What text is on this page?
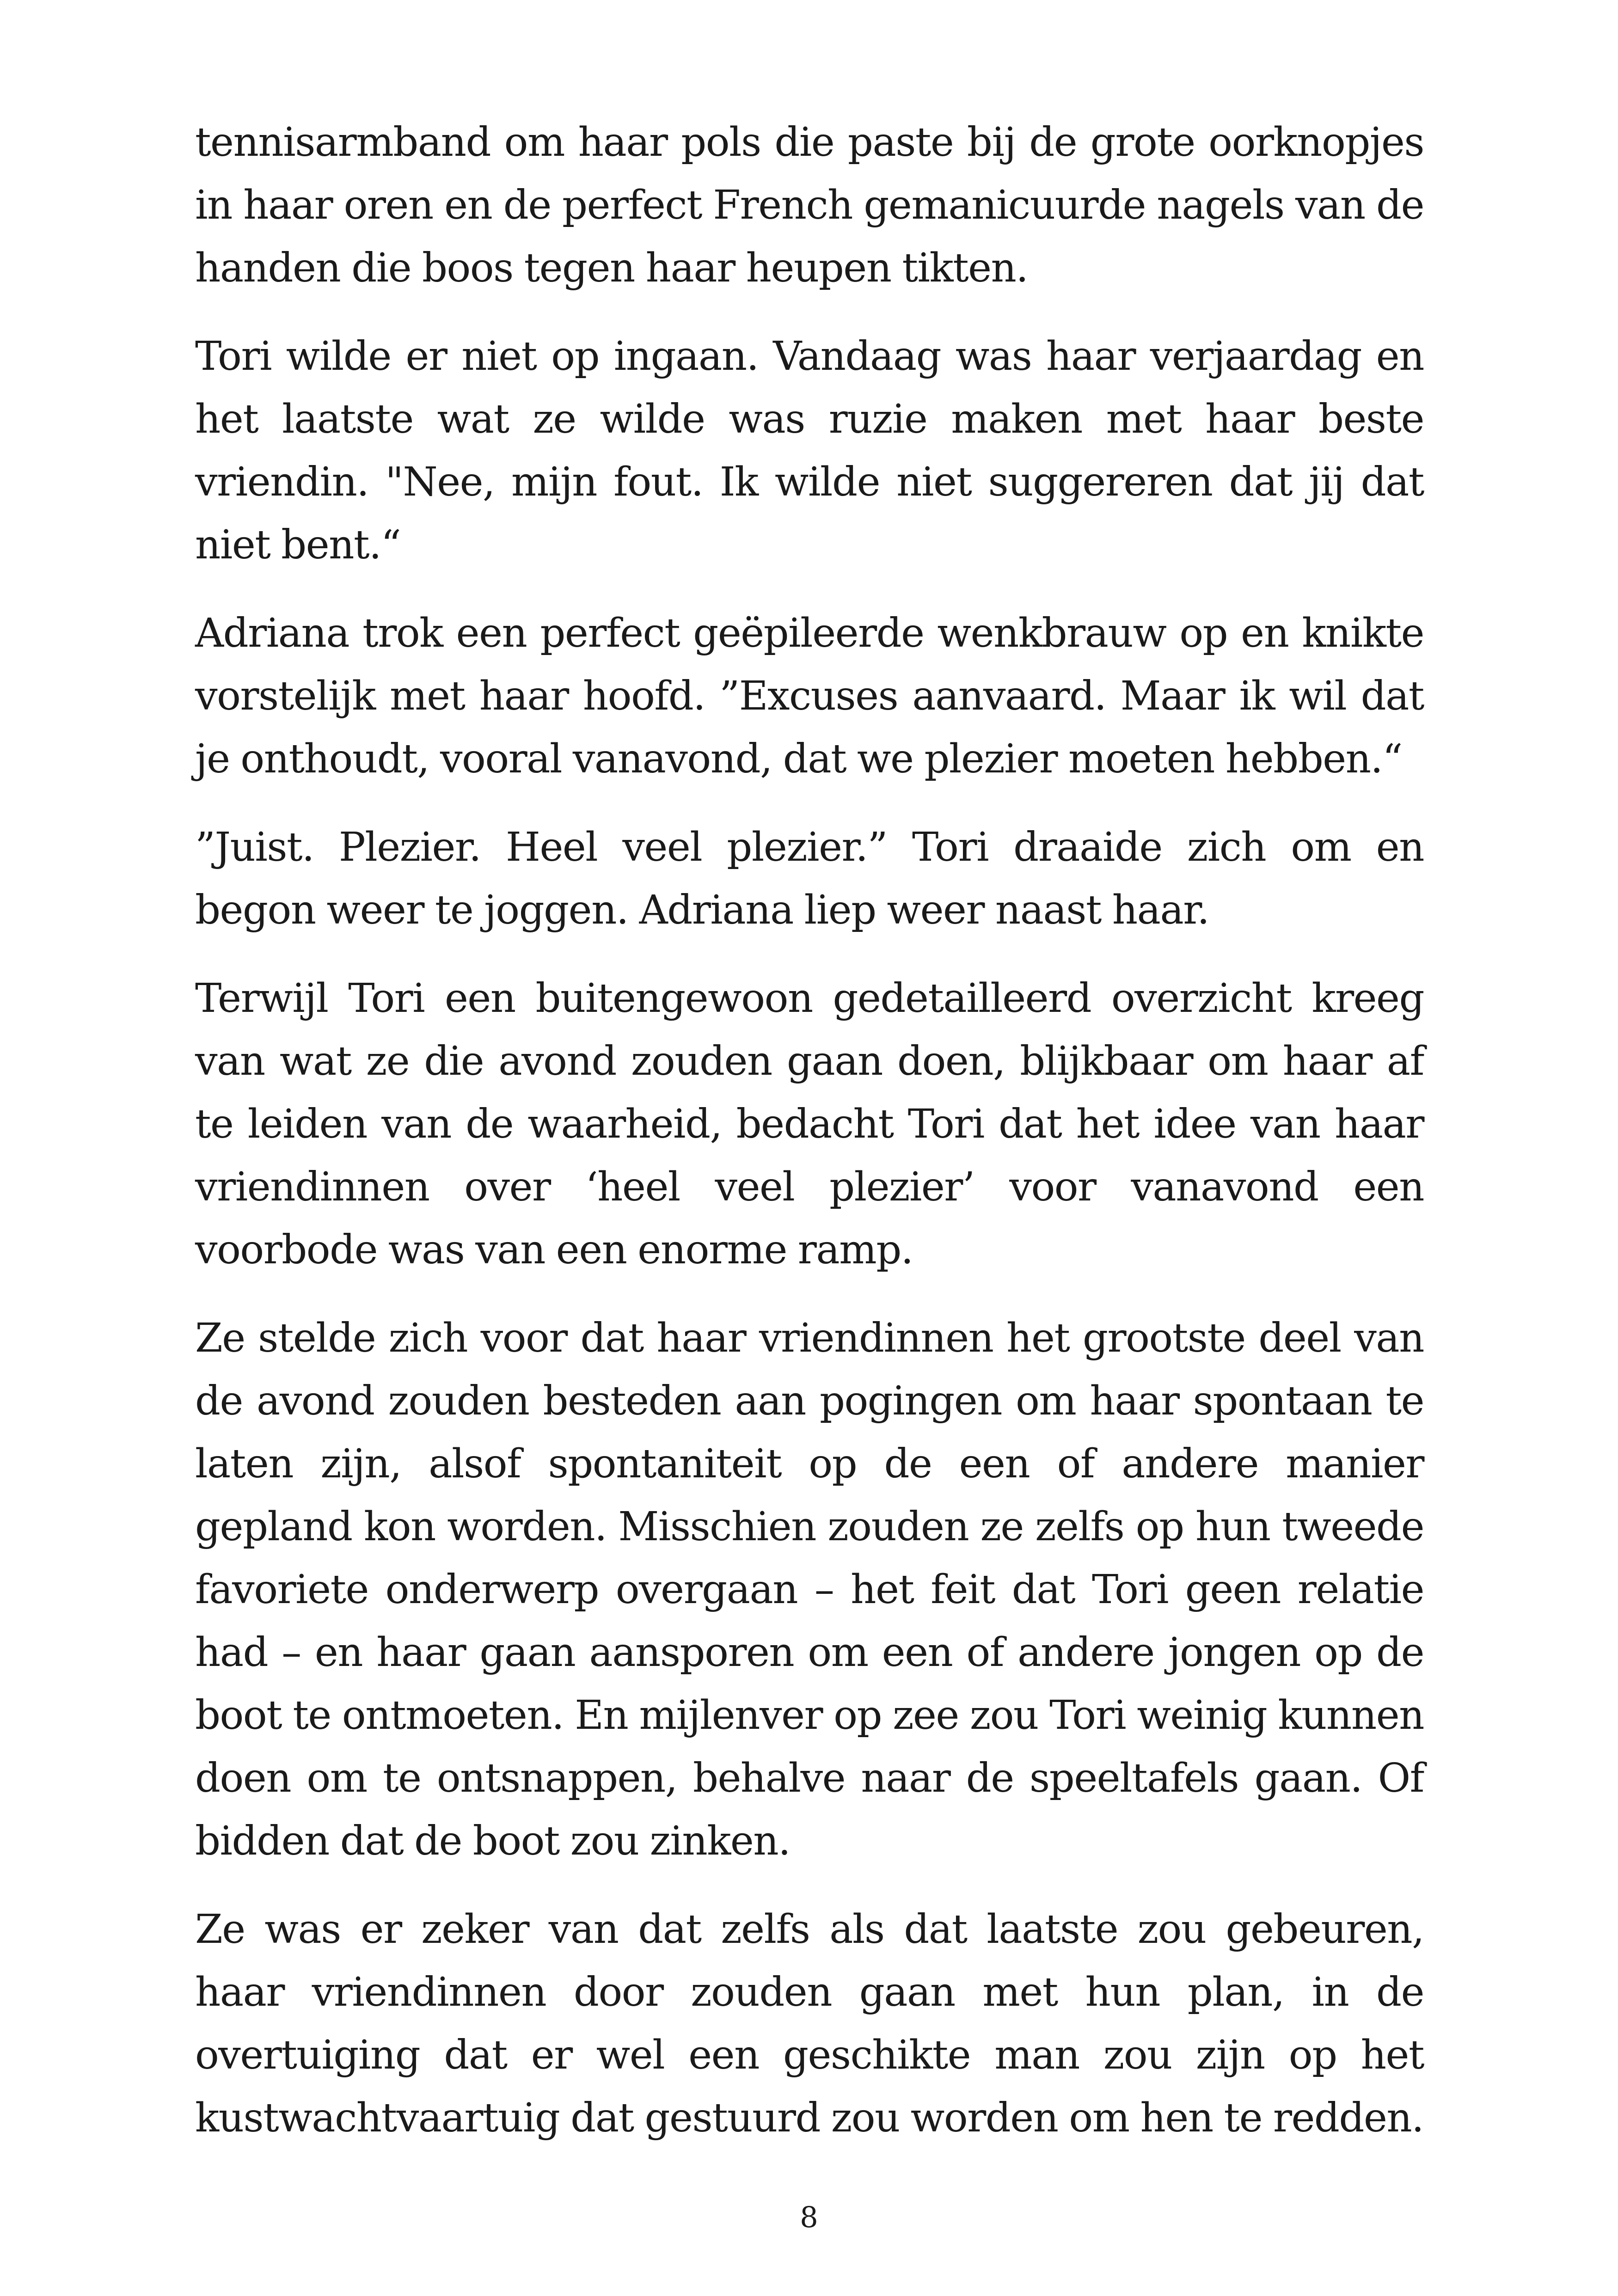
tennisarmband om haar pols die paste bij de grote oorknopjes in haar oren en de perfect French gemanicuurde nagels van de handen die boos tegen haar heupen tikten.

Tori wilde er niet op ingaan. Vandaag was haar verjaardag en het laatste wat ze wilde was ruzie maken met haar beste vriendin. "Nee, mijn fout. Ik wilde niet suggereren dat jij dat niet bent.“

Adriana trok een perfect geëpileerde wenkbrauw op en knikte vorstelijk met haar hoofd. ”Excuses aanvaard. Maar ik wil dat je onthoudt, vooral vanavond, dat we plezier moeten hebben.“

”Juist. Plezier. Heel veel plezier.” Tori draaide zich om en begon weer te joggen. Adriana liep weer naast haar.

Terwijl Tori een buitengewoon gedetailleerd overzicht kreeg van wat ze die avond zouden gaan doen, blijkbaar om haar af te leiden van de waarheid, bedacht Tori dat het idee van haar vriendinnen over ‘heel veel plezier’ voor vanavond een voorbode was van een enorme ramp.

Ze stelde zich voor dat haar vriendinnen het grootste deel van de avond zouden besteden aan pogingen om haar spontaan te laten zijn, alsof spontaniteit op de een of andere manier gepland kon worden. Misschien zouden ze zelfs op hun tweede favoriete onderwerp overgaan – het feit dat Tori geen relatie had – en haar gaan aansporen om een of andere jongen op de boot te ontmoeten. En mijlenver op zee zou Tori weinig kunnen doen om te ontsnappen, behalve naar de speeltafels gaan. Of bidden dat de boot zou zinken.

Ze was er zeker van dat zelfs als dat laatste zou gebeuren, haar vriendinnen door zouden gaan met hun plan, in de overtuiging dat er wel een geschikte man zou zijn op het kustwachtvaartuig dat gestuurd zou worden om hen te redden.

8
